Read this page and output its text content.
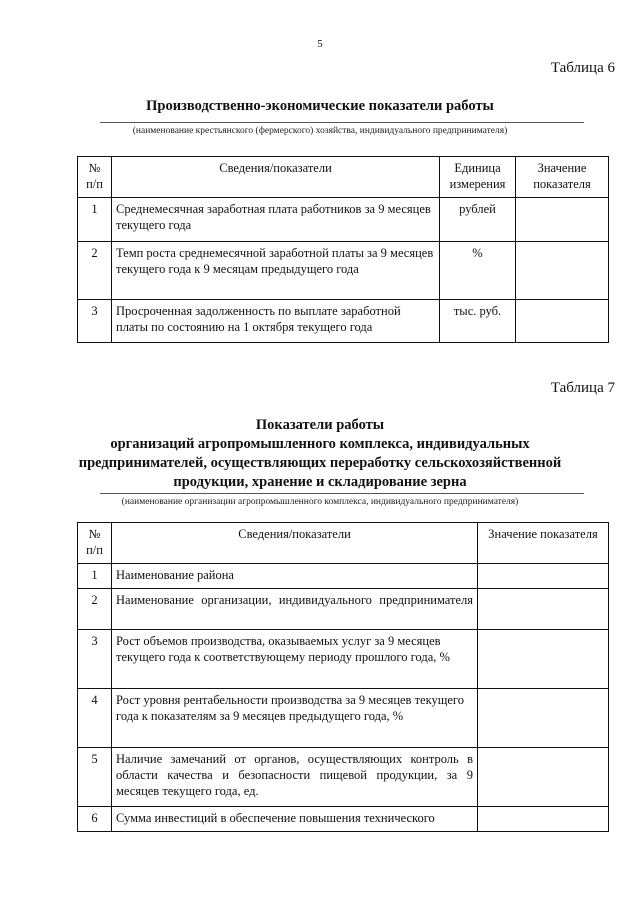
5
Таблица 6
Производственно-экономические показатели работы
(наименование крестьянского (фермерского) хозяйства, индивидуального предпринимателя)
№ п/п	Сведения/показатели	Единица измерения	Значение показателя
1	Среднемесячная заработная плата работников за 9 месяцев текущего года	рублей	
2	Темп роста среднемесячной заработной платы за 9 месяцев текущего года к 9 месяцам предыдущего года	%	
3	Просроченная задолженность по выплате заработной платы по состоянию на 1 октября текущего года	тыс. руб.	
Таблица 7
Показатели работы
организаций агропромышленного комплекса, индивидуальных
предпринимателей, осуществляющих переработку сельскохозяйственной
продукции, хранение и складирование зерна
(наименование организации агропромышленного комплекса, индивидуального предпринимателя)
№ п/п	Сведения/показатели	Значение показателя
1	Наименование района	
2	Наименование организации, индивидуального предпринимателя	
3	Рост объемов производства, оказываемых услуг за 9 месяцев текущего года к соответствующему периоду прошлого года, %	
4	Рост уровня рентабельности производства за 9 месяцев текущего года к показателям за 9 месяцев предыдущего года, %	
5	Наличие замечаний от органов, осуществляющих контроль в области качества и безопасности пищевой продукции, за 9 месяцев текущего года, ед.	
6	Сумма инвестиций в обеспечение повышения технического	
